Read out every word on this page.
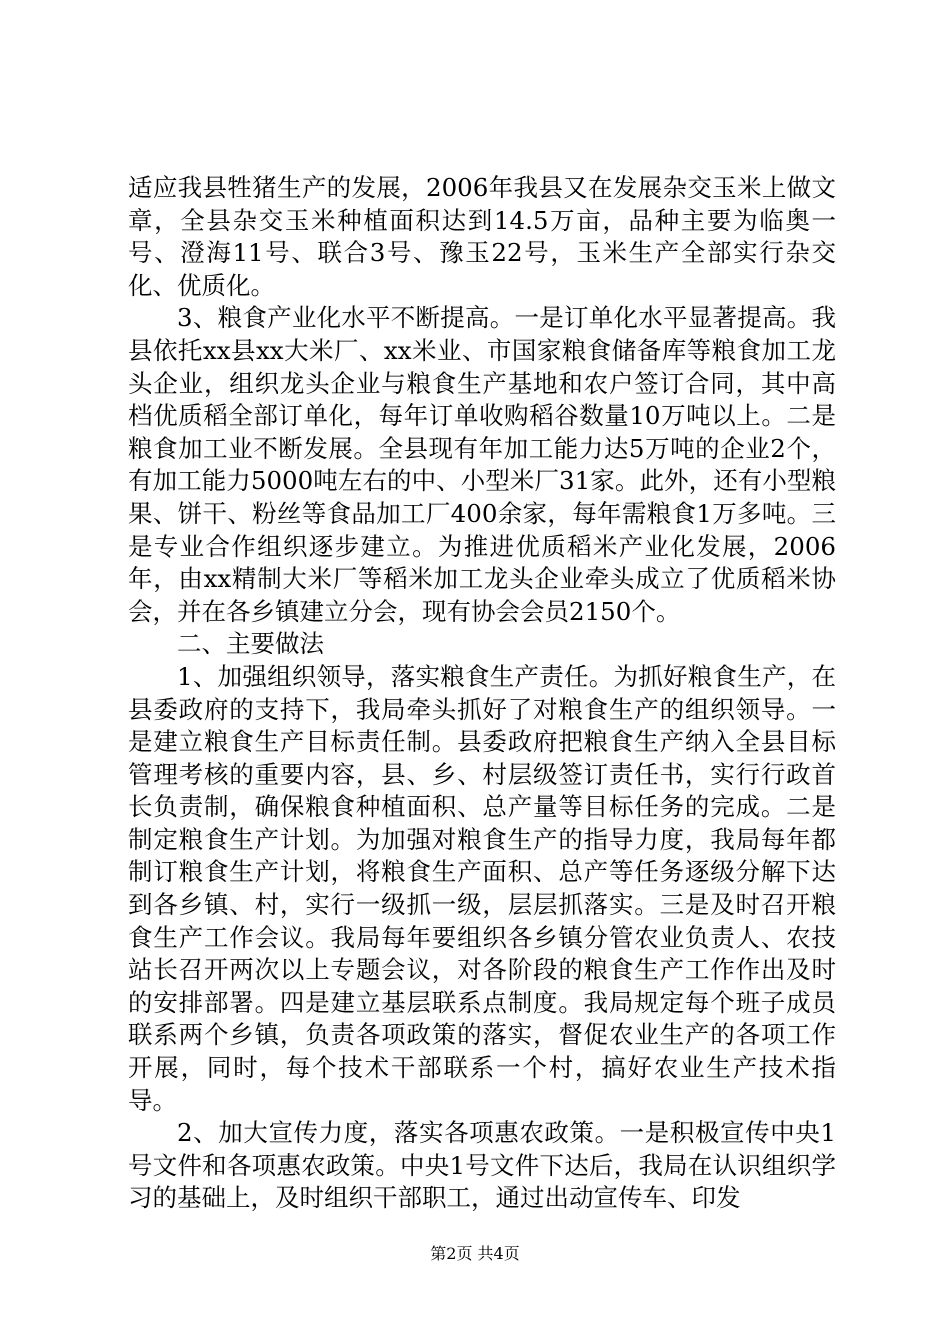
适应我县牲猪生产的发展，2006年我县又在发展杂交玉米上做文章，全县杂交玉米种植面积达到14.5万亩，品种主要为临奥一号、澄海11号、联合3号、豫玉22号，玉米生产全部实行杂交化、优质化。

3、粮食产业化水平不断提高。一是订单化水平显著提高。我县依托xx县xx大米厂、xx米业、市国家粮食储备库等粮食加工龙头企业，组织龙头企业与粮食生产基地和农户签订合同，其中高档优质稻全部订单化，每年订单收购稻谷数量10万吨以上。二是粮食加工业不断发展。全县现有年加工能力达5万吨的企业2个，有加工能力5000吨左右的中、小型米厂31家。此外，还有小型粮果、饼干、粉丝等食品加工厂400余家，每年需粮食1万多吨。三是专业合作组织逐步建立。为推进优质稻米产业化发展，2006年，由xx精制大米厂等稻米加工龙头企业牵头成立了优质稻米协会，并在各乡镇建立分会，现有协会会员2150个。

二、主要做法

1、加强组织领导，落实粮食生产责任。为抓好粮食生产，在县委政府的支持下，我局牵头抓好了对粮食生产的组织领导。一是建立粮食生产目标责任制。县委政府把粮食生产纳入全县目标管理考核的重要内容，县、乡、村层级签订责任书，实行行政首长负责制，确保粮食种植面积、总产量等目标任务的完成。二是制定粮食生产计划。为加强对粮食生产的指导力度，我局每年都制订粮食生产计划，将粮食生产面积、总产等任务逐级分解下达到各乡镇、村，实行一级抓一级，层层抓落实。三是及时召开粮食生产工作会议。我局每年要组织各乡镇分管农业负责人、农技站长召开两次以上专题会议，对各阶段的粮食生产工作作出及时的安排部署。四是建立基层联系点制度。我局规定每个班子成员联系两个乡镇，负责各项政策的落实，督促农业生产的各项工作开展，同时，每个技术干部联系一个村，搞好农业生产技术指导。

2、加大宣传力度，落实各项惠农政策。一是积极宣传中央1号文件和各项惠农政策。中央1号文件下达后，我局在认识组织学习的基础上，及时组织干部职工，通过出动宣传车、印发

第2页 共4页
